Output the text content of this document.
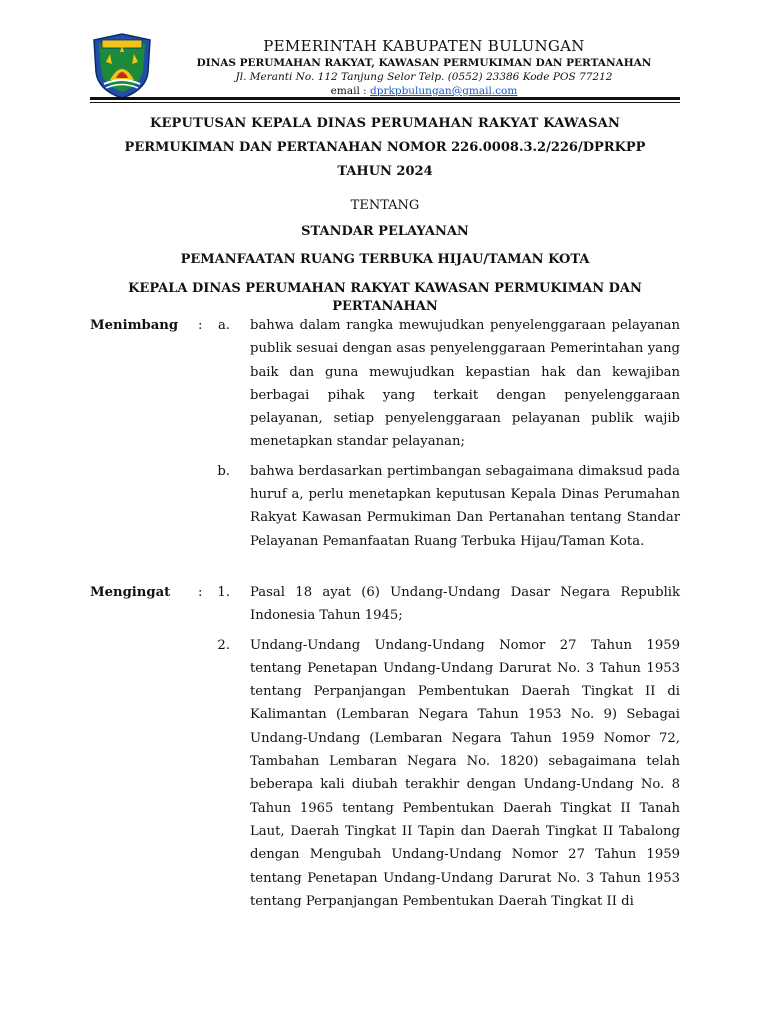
PEMERINTAH KABUPATEN BULUNGAN
DINAS PERUMAHAN RAKYAT, KAWASAN PERMUKIMAN DAN PERTANAHAN
Jl. Meranti No. 112 Tanjung Selor Telp. (0552) 23386 Kode POS 77212
email : dprkpbulungan@gmail.com
KEPUTUSAN KEPALA DINAS PERUMAHAN RAKYAT KAWASAN
PERMUKIMAN DAN PERTANAHAN NOMOR 226.0008.3.2/226/DPRKPP
TAHUN 2024
TENTANG
STANDAR PELAYANAN
PEMANFAATAN RUANG TERBUKA HIJAU/TAMAN KOTA
KEPALA DINAS PERUMAHAN RAKYAT KAWASAN PERMUKIMAN DAN
PERTANAHAN
Menimbang :	a. bahwa dalam rangka mewujudkan penyelenggaraan pelayanan publik sesuai dengan asas penyelenggaraan Pemerintahan yang baik dan guna mewujudkan kepastian hak dan kewajiban berbagai pihak yang terkait dengan penyelenggaraan pelayanan, setiap penyelenggaraan pelayanan publik wajib menetapkan standar pelayanan;
b. bahwa berdasarkan pertimbangan sebagaimana dimaksud pada huruf a, perlu menetapkan keputusan Kepala Dinas Perumahan Rakyat Kawasan Permukiman Dan Pertanahan tentang Standar Pelayanan Pemanfaatan Ruang Terbuka Hijau/Taman Kota.
Mengingat :	1. Pasal 18 ayat (6) Undang-Undang Dasar Negara Republik Indonesia Tahun 1945;
2. Undang-Undang Undang-Undang Nomor 27 Tahun 1959 tentang Penetapan Undang-Undang Darurat No. 3 Tahun 1953 tentang Perpanjangan Pembentukan Daerah Tingkat II di Kalimantan (Lembaran Negara Tahun 1953 No. 9) Sebagai Undang-Undang (Lembaran Negara Tahun 1959 Nomor 72, Tambahan Lembaran Negara No. 1820) sebagaimana telah beberapa kali diubah terakhir dengan Undang-Undang No. 8 Tahun 1965 tentang Pembentukan Daerah Tingkat II Tanah Laut, Daerah Tingkat II Tapin dan Daerah Tingkat II Tabalong dengan Mengubah Undang-Undang Nomor 27 Tahun 1959 tentang Penetapan Undang-Undang Darurat No. 3 Tahun 1953 tentang Perpanjangan Pembentukan Daerah Tingkat II di
